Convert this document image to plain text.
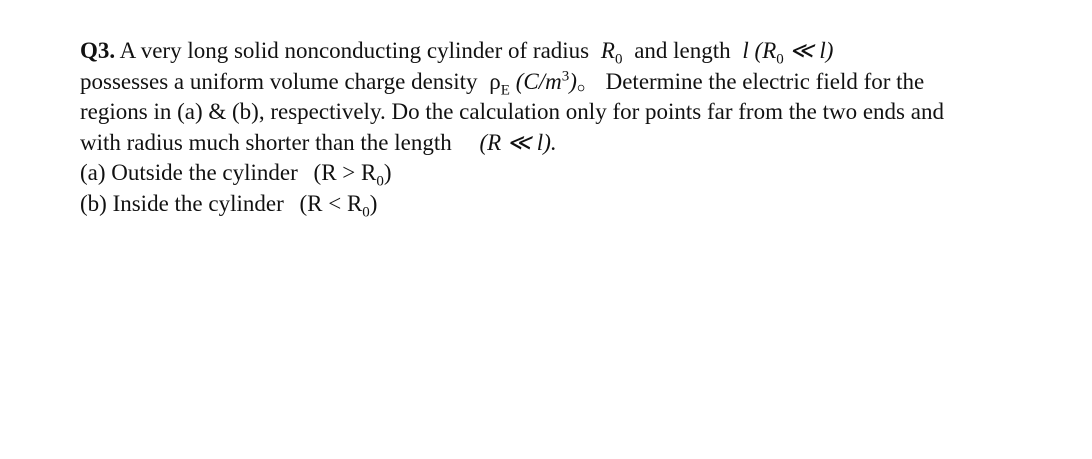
Q3. A very long solid nonconducting cylinder of radius $R_0$ and length l ($R_0$ ≪ l)
possesses a uniform volume charge density $\rho_E$ $(C/m^3)$。 Determine the electric field for the
regions in (a) & (b), respectively. Do the calculation only for points far from the two ends and
with radius much shorter than the length (R ≪ l).
(a) Outside the cylinder $(R > R_0)$
(b) Inside the cylinder $(R < R_0)$
